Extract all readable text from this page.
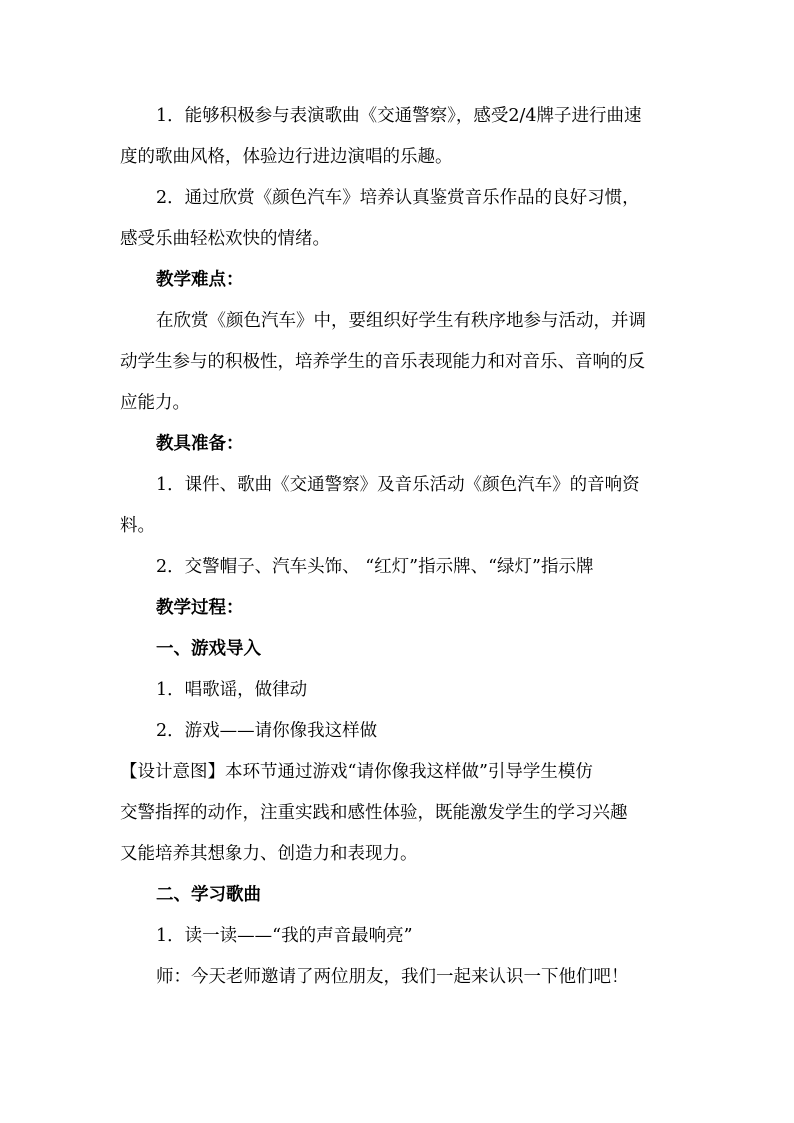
1．能够积极参与表演歌曲《交通警察》，感受2/4牌子进行曲速

度的歌曲风格，体验边行进边演唱的乐趣。

2．通过欣赏《颜色汽车》培养认真鉴赏音乐作品的良好习惯，

感受乐曲轻松欢快的情绪。

教学难点：

在欣赏《颜色汽车》中，要组织好学生有秩序地参与活动，并调

动学生参与的积极性，培养学生的音乐表现能力和对音乐、音响的反

应能力。

教具准备：

1．课件、歌曲《交通警察》及音乐活动《颜色汽车》的音响资

料。

2．交警帽子、汽车头饰、 “红灯”指示牌、“绿灯”指示牌

教学过程：

一、游戏导入

1．唱歌谣，做律动

2．游戏——请你像我这样做

【设计意图】本环节通过游戏“请你像我这样做”引导学生模仿

交警指挥的动作，注重实践和感性体验，既能激发学生的学习兴趣

又能培养其想象力、创造力和表现力。

二、学习歌曲

1．读一读——“我的声音最响亮”

师：今天老师邀请了两位朋友，我们一起来认识一下他们吧！
